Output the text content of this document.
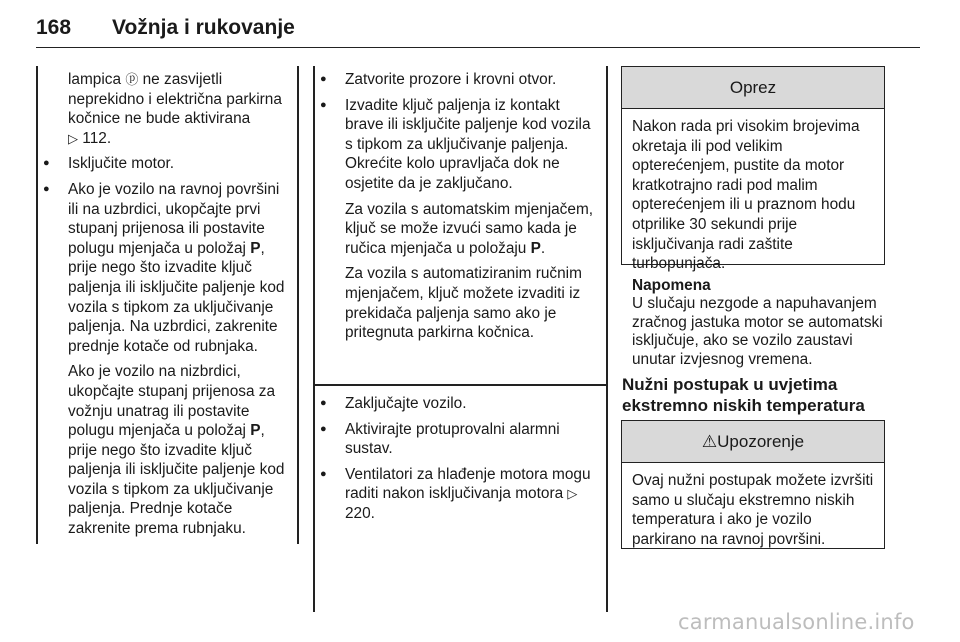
168 Vožnja i rukovanje
lampica ⓟ ne zasvijetli neprekidno i električna parkirna kočnice ne bude aktivirana
▷ 112.
● Isključite motor.
● Ako je vozilo na ravnoj površini ili na uzbrdici, ukopčajte prvi stupanj prijenosa ili postavite polugu mjenjača u položaj P, prije nego što izvadite ključ paljenja ili isključite paljenje kod vozila s tipkom za uključivanje paljenja. Na uzbrdici, zakrenite prednje kotače od rubnjaka.
Ako je vozilo na nizbrdici, ukopčajte stupanj prijenosa za vožnju unatrag ili postavite polugu mjenjača u položaj P, prije nego što izvadite ključ paljenja ili isključite paljenje kod vozila s tipkom za uključivanje paljenja. Prednje kotače zakrenite prema rubnjaku.
● Zatvorite prozore i krovni otvor.
● Izvadite ključ paljenja iz kontakt brave ili isključite paljenje kod vozila s tipkom za uključivanje paljenja. Okrećite kolo upravljača dok ne osjetite da je zaključano.
Za vozila s automatskim mjenjačem, ključ se može izvući samo kada je ručica mjenjača u položaju P.
Za vozila s automatiziranim ručnim mjenjačem, ključ možete izvaditi iz prekidača paljenja samo ako je pritegnuta parkirna kočnica.
● Zaključajte vozilo.
● Aktivirajte protuprovalni alarmni sustav.
● Ventilatori za hlađenje motora mogu raditi nakon isključivanja motora ▷ 220.
Oprez
Nakon rada pri visokim brojevima okretaja ili pod velikim opterećenjem, pustite da motor kratkotrajno radi pod malim opterećenjem ili u praznom hodu otprilike 30 sekundi prije isključivanja radi zaštite turbopunjača.
Napomena
U slučaju nezgode a napuhavanjem zračnog jastuka motor se automatski isključuje, ako se vozilo zaustavi unutar izvjesnog vremena.
Nužni postupak u uvjetima ekstremno niskih temperatura
⚠Upozorenje
Ovaj nužni postupak možete izvršiti samo u slučaju ekstremno niskih temperatura i ako je vozilo parkirano na ravnoj površini.
carmanualsonline.info
